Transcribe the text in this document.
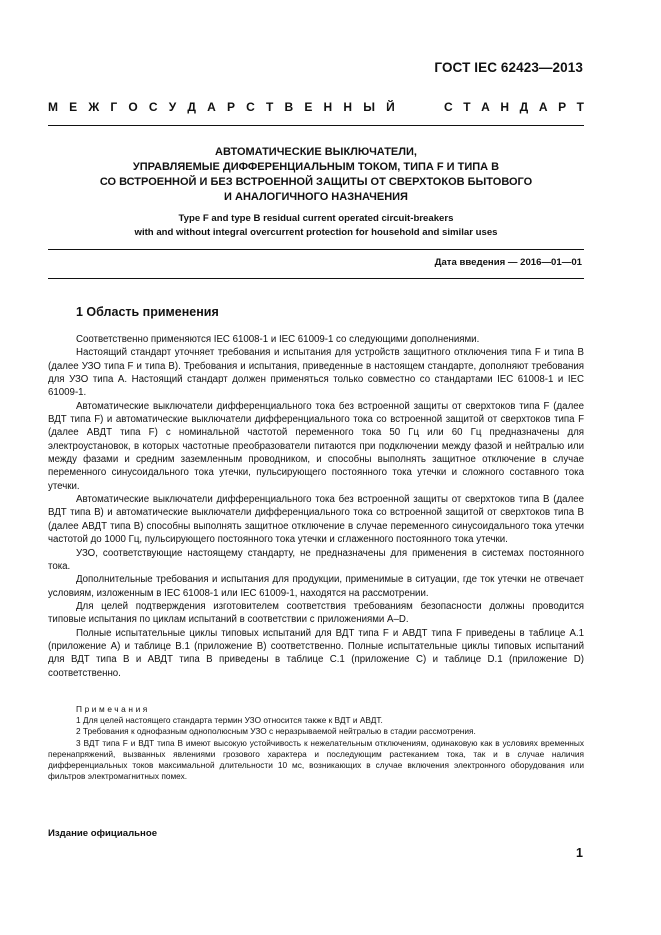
ГОСТ IEC 62423—2013
М Е Ж Г О С У Д А Р С Т В Е Н Н Ы Й	С Т А Н Д А Р Т
АВТОМАТИЧЕСКИЕ ВЫКЛЮЧАТЕЛИ,
УПРАВЛЯЕМЫЕ ДИФФЕРЕНЦИАЛЬНЫМ ТОКОМ, ТИПА F И ТИПА В
СО ВСТРОЕННОЙ И БЕЗ ВСТРОЕННОЙ ЗАЩИТЫ ОТ СВЕРХТОКОВ БЫТОВОГО
И АНАЛОГИЧНОГО НАЗНАЧЕНИЯ
Type F and type B residual current operated circuit-breakers
with and without integral overcurrent protection for household and similar uses
Дата введения — 2016—01—01
1 Область применения

Соответственно применяются IEC 61008-1 и IEC 61009-1 со следующими дополнениями.

Настоящий стандарт уточняет требования и испытания для устройств защитного отключения типа F и типа В (далее УЗО типа F и типа В). Требования и испытания, приведенные в настоящем стандарте, дополняют требования для УЗО типа А. Настоящий стандарт должен применяться только совместно со стандартами IEC 61008-1 и IEC 61009-1.

Автоматические выключатели дифференциального тока без встроенной защиты от сверхтоков типа F (далее ВДТ типа F) и автоматические выключатели дифференциального тока со встроенной защитой от сверхтоков типа F (далее АВДТ типа F) с номинальной частотой переменного тока 50 Гц или 60 Гц предназначены для электроустановок, в которых частотные преобразователи питаются при подключении между фазой и нейтралью или между фазами и средним заземленным проводником, и способны выполнять защитное отключение в случае переменного синусоидального тока утечки, пульсирующего постоянного тока утечки и сложного составного тока утечки.

Автоматические выключатели дифференциального тока без встроенной защиты от сверхтоков типа В (далее ВДТ типа В) и автоматические выключатели дифференциального тока со встроенной защитой от сверхтоков типа В (далее АВДТ типа В) способны выполнять защитное отключение в случае переменного синусоидального тока утечки частотой до 1000 Гц, пульсирующего постоянного тока утечки и сглаженного постоянного тока утечки.

УЗО, соответствующие настоящему стандарту, не предназначены для применения в системах постоянного тока.

Дополнительные требования и испытания для продукции, применимые в ситуации, где ток утечки не отвечает условиям, изложенным в IEC 61008-1 или IEC 61009-1, находятся на рассмотрении.

Для целей подтверждения изготовителем соответствия требованиям безопасности должны проводится типовые испытания по циклам испытаний в соответствии с приложениями А–D.

Полные испытательные циклы типовых испытаний для ВДТ типа F и АВДТ типа F приведены в таблице А.1 (приложение А) и таблице В.1 (приложение В) соответственно. Полные испытательные циклы типовых испытаний для ВДТ типа В и АВДТ типа В приведены в таблице С.1 (приложение С) и таблице D.1 (приложение D) соответственно.

Примечания

1 Для целей настоящего стандарта термин УЗО относится также к ВДТ и АВДТ.

2 Требования к однофазным однополюсным УЗО с неразрываемой нейтралью в стадии рассмотрения.

3 ВДТ типа F и ВДТ типа В имеют высокую устойчивость к нежелательным отключениям, одинаковую как в условиях временных перенапряжений, вызванных явлениями грозового характера и последующим растеканием тока, так и в случае наличия дифференциальных токов максимальной длительности 10 мс, возникающих в случае включения электронного оборудования или фильтров электромагнитных помех.

Издание официальное
1
